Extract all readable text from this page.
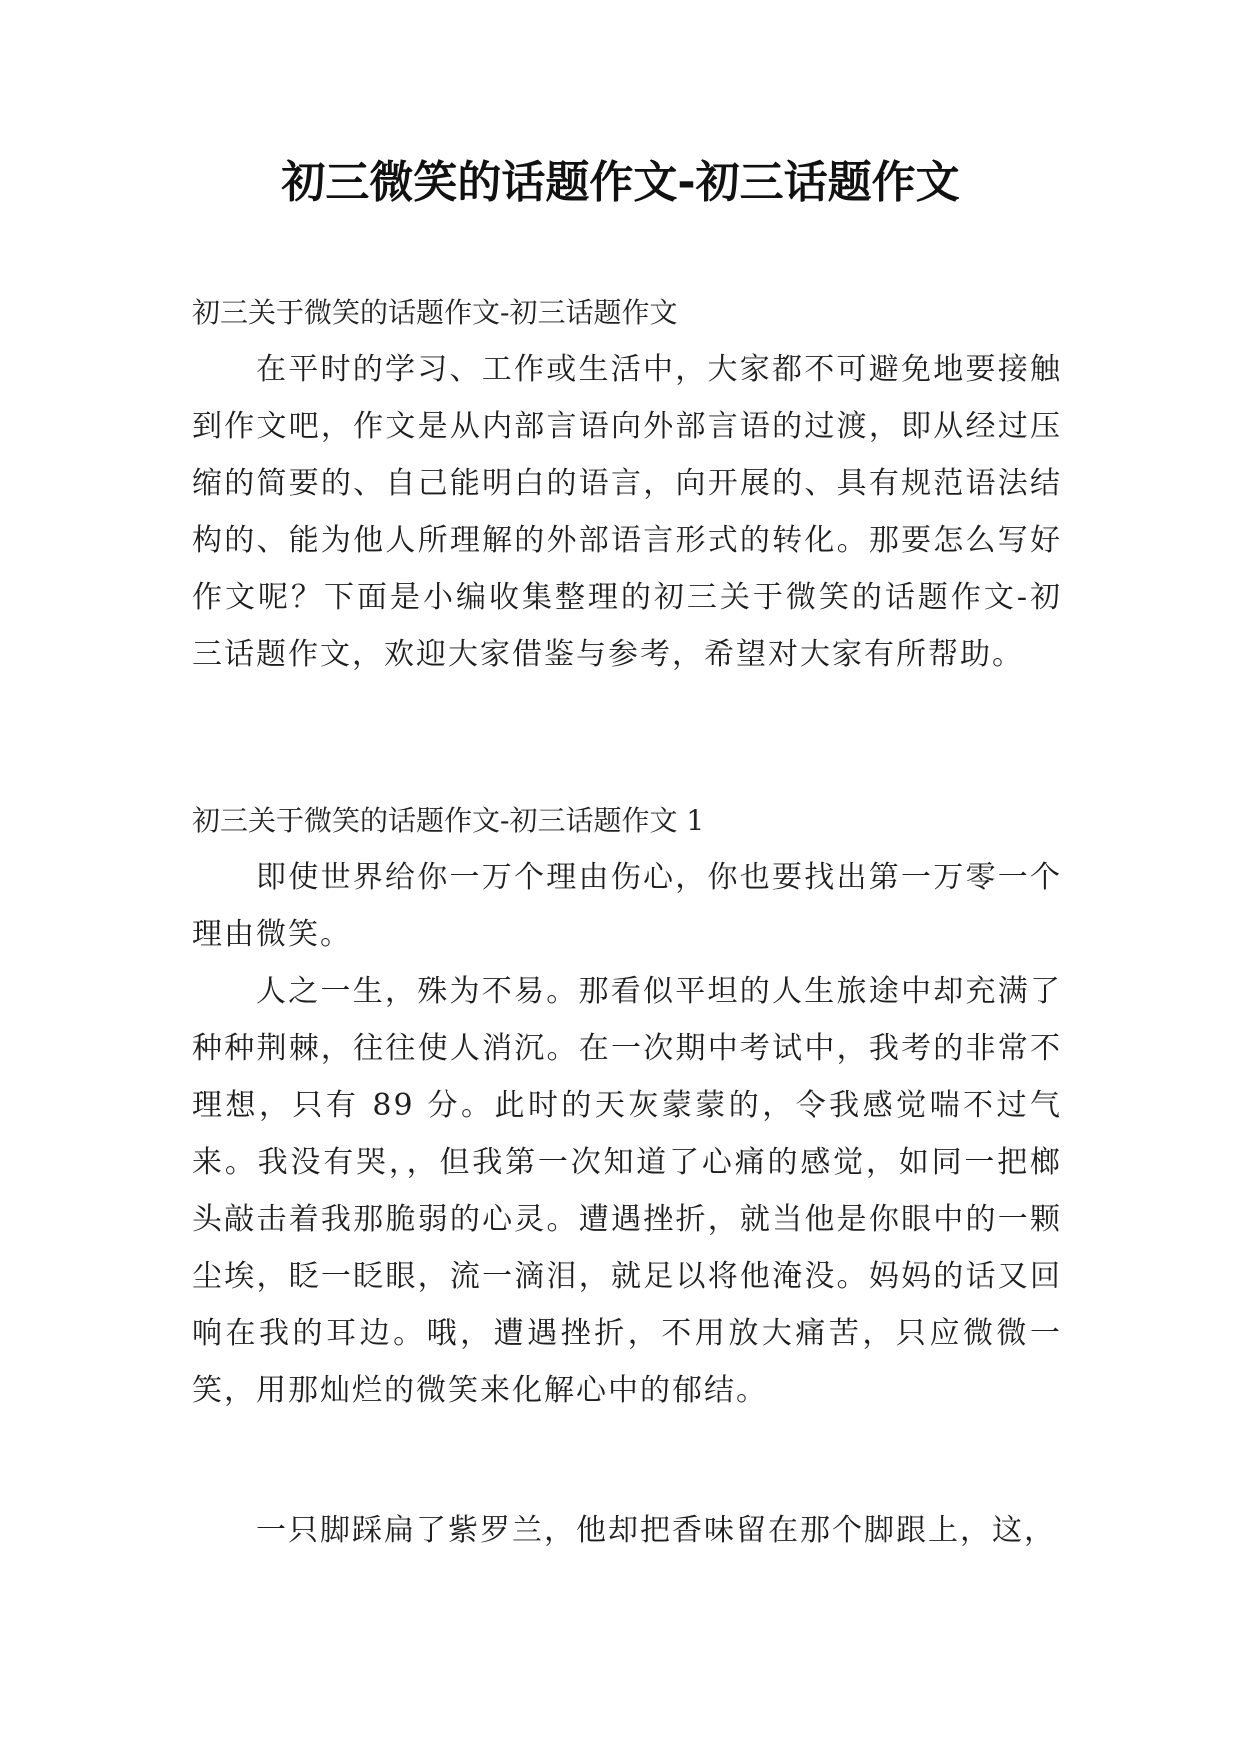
初三微笑的话题作文-初三话题作文

初三关于微笑的话题作文-初三话题作文

在平时的学习、工作或生活中，大家都不可避免地要接触到作文吧，作文是从内部言语向外部言语的过渡，即从经过压缩的简要的、自己能明白的语言，向开展的、具有规范语法结构的、能为他人所理解的外部语言形式的转化。那要怎么写好作文呢？下面是小编收集整理的初三关于微笑的话题作文-初三话题作文，欢迎大家借鉴与参考，希望对大家有所帮助。

初三关于微笑的话题作文-初三话题作文 1

即使世界给你一万个理由伤心，你也要找出第一万零一个理由微笑。

人之一生，殊为不易。那看似平坦的人生旅途中却充满了种种荆棘，往往使人消沉。在一次期中考试中，我考的非常不理想，只有 89 分。此时的天灰蒙蒙的，令我感觉喘不过气来。我没有哭，，但我第一次知道了心痛的感觉，如同一把榔头敲击着我那脆弱的心灵。遭遇挫折，就当他是你眼中的一颗尘埃，眨一眨眼，流一滴泪，就足以将他淹没。妈妈的话又回响在我的耳边。哦，遭遇挫折，不用放大痛苦，只应微微一笑，用那灿烂的微笑来化解心中的郁结。

一只脚踩扁了紫罗兰，他却把香味留在那个脚跟上，这，
